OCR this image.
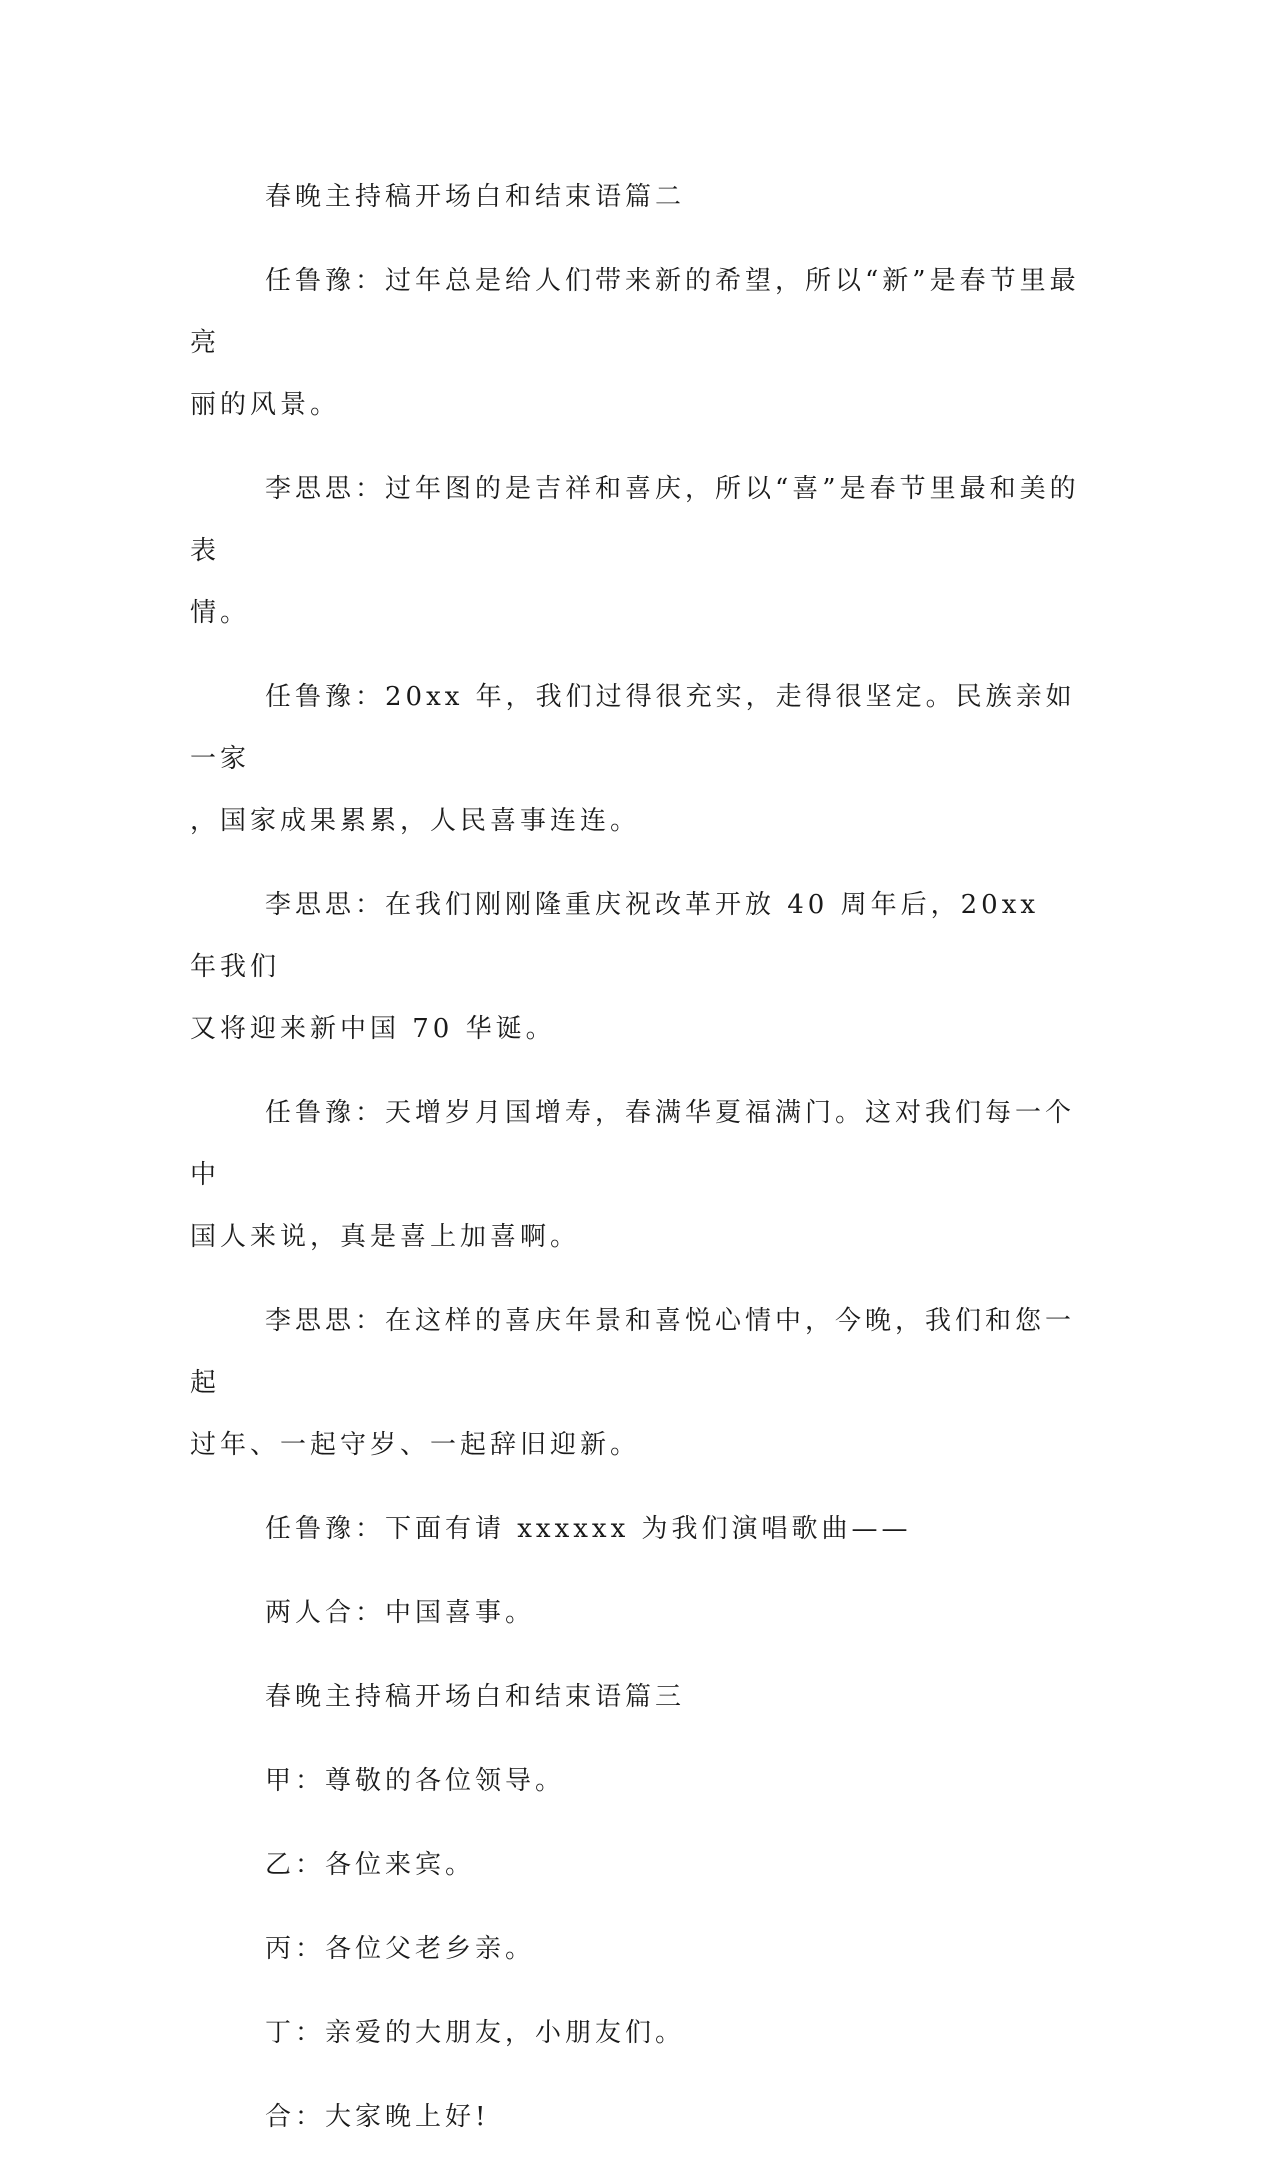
春晚主持稿开场白和结束语篇二

任鲁豫：过年总是给人们带来新的希望，所以“新”是春节里最亮
丽的风景。

李思思：过年图的是吉祥和喜庆，所以“喜”是春节里最和美的表
情。

任鲁豫：20xx 年，我们过得很充实，走得很坚定。民族亲如一家
，国家成果累累，人民喜事连连。

李思思：在我们刚刚隆重庆祝改革开放 40 周年后，20xx 年我们
又将迎来新中国 70 华诞。

任鲁豫：天增岁月国增寿，春满华夏福满门。这对我们每一个中
国人来说，真是喜上加喜啊。

李思思：在这样的喜庆年景和喜悦心情中，今晚，我们和您一起
过年、一起守岁、一起辞旧迎新。

任鲁豫：下面有请 xxxxxx 为我们演唱歌曲——

两人合：中国喜事。

春晚主持稿开场白和结束语篇三

甲：尊敬的各位领导。

乙：各位来宾。

丙：各位父老乡亲。

丁：亲爱的大朋友，小朋友们。

合：大家晚上好!
